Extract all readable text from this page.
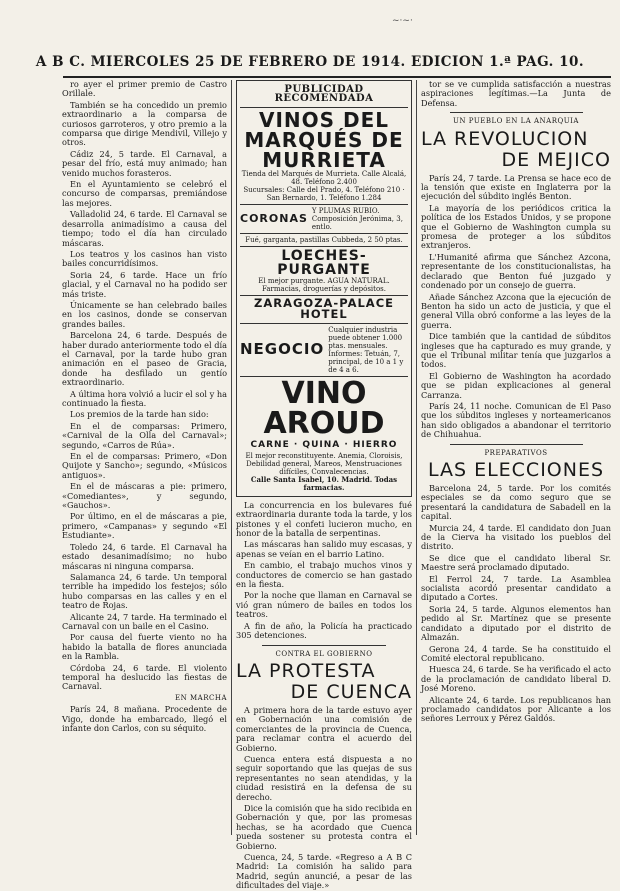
~·~·
A B C. MIERCOLES 25 DE FEBRERO DE 1914. EDICION 1.ª PAG. 10.

ro ayer el primer premio de Castro Orillale.

También se ha concedido un premio extraordinario a la comparsa de curiosos garroteros, y otro premio a la comparsa que dirige Mendivil, Villejo y otros.

Cádiz 24, 5 tarde. El Carnaval, a pesar del frío, está muy animado; han venido muchos forasteros.

En el Ayuntamiento se celebró el concurso de comparsas, premiándose las mejores.

Valladolid 24, 6 tarde. El Carnaval se desarrolla animadísimo a causa del tiempo; todo el día han circulado máscaras.

Los teatros y los casinos han visto bailes concurridísimos.

Soria 24, 6 tarde. Hace un frío glacial, y el Carnaval no ha podido ser más triste.

Únicamente se han celebrado bailes en los casinos, donde se conservan grandes bailes.

Barcelona 24, 6 tarde. Después de haber durado anteriormente todo el día el Carnaval, por la tarde hubo gran animación en el paseo de Gracia, donde ha desfilado un gentío extraordinario.

A última hora volvió a lucir el sol y ha continuado la fiesta.

Los premios de la tarde han sido:

En el de comparsas: Primero, «Carnival de la Olla del Carnaval»; segundo, «Carros de Rúa».

En el de comparsas: Primero, «Don Quijote y Sancho»; segundo, «Músicos antiguos».

En el de máscaras a pie: primero, «Comediantes», y segundo, «Gauchos».

Por último, en el de máscaras a pie, primero, «Campanas» y segundo «El Estudiante».

Toledo 24, 6 tarde. El Carnaval ha estado desanimadísimo; no hubo máscaras ni ninguna comparsa.

Salamanca 24, 6 tarde. Un temporal terrible ha impedido los festejos; sólo hubo comparsas en las calles y en el teatro de Rojas.

Alicante 24, 7 tarde. Ha terminado el Carnaval con un baile en el Casino.

Por causa del fuerte viento no ha habido la batalla de flores anunciada en la Rambla.

Córdoba 24, 6 tarde. El violento temporal ha deslucido las fiestas de Carnaval.

EN MARCHA

París 24, 8 mañana. Procedente de Vigo, donde ha embarcado, llegó el infante don Carlos, con su séquito.

PUBLICIDAD RECOMENDADA
VINOS DEL MARQUÉS DE MURRIETA
Tienda del Marqués de Murrieta. Calle Alcalá, 48. Teléfono 2.400
Sucursales: Calle del Prado, 4. Teléfono 210 · San Bernardo, 1. Teléfono 1.284
CORONAS
Y PLUMAS RUBIO. Composición Jerónima, 3, entlo.
Fué, garganta, pastillas Cubbeda, 2 50 ptas.
LOECHES-PURGANTE
El mejor purgante. AGUA NATURAL. Farmacias, droguerías y depósitos.
ZARAGOZA-PALACE HOTEL
NEGOCIO
Cualquier industria puede obtener 1.000 ptas. mensuales. Informes: Tetuán, 7, principal, de 10 a 1 y de 4 a 6.
VINO AROUD
CARNE · QUINA · HIERRO
El mejor reconstituyente. Anemia, Cloroisis, Debilidad general, Mareos, Menstruaciones difíciles, Convalecencias.
Calle Santa Isabel, 10. Madrid. Todas farmacias.

La concurrencia en los bulevares fué extraordinaria durante toda la tarde, y los pistones y el confeti lucieron mucho, en honor de la batalla de serpentinas.

Las máscaras han salido muy escasas, y apenas se veían en el barrio Latino.

En cambio, el trabajo muchos vinos y conductores de comercio se han gastado en la fiesta.

Por la noche que llaman en Carnaval se vió gran número de bailes en todos los teatros.

A fin de año, la Policía ha practicado 305 detenciones.

CONTRA EL GOBIERNO
LA PROTESTA
DE CUENCA

A primera hora de la tarde estuvo ayer en Gobernación una comisión de comerciantes de la provincia de Cuenca, para reclamar contra el acuerdo del Gobierno.

Cuenca entera está dispuesta a no seguir soportando que las quejas de sus representantes no sean atendidas, y la ciudad resistirá en la defensa de su derecho.

Dice la comisión que ha sido recibida en Gobernación y que, por las promesas hechas, se ha acordado que Cuenca pueda sostener su protesta contra el Gobierno.

Cuenca, 24, 5 tarde. «Regreso a A B C Madrid: La comisión ha salido para Madrid, según anuncié, a pesar de las dificultades del viaje.»

tor se ve cumplida satisfacción a nuestras aspiraciones legítimas.—La Junta de Defensa.

UN PUEBLO EN LA ANARQUIA
LA REVOLUCION
DE MEJICO

París 24, 7 tarde. La Prensa se hace eco de la tensión que existe en Inglaterra por la ejecución del súbdito inglés Benton.

La mayoría de los periódicos critica la política de los Estados Unidos, y se propone que el Gobierno de Washington cumpla su promesa de proteger a los súbditos extranjeros.

L'Humanité afirma que Sánchez Azcona, representante de los constitucionalistas, ha declarado que Benton fué juzgado y condenado por un consejo de guerra.

Añade Sánchez Azcona que la ejecución de Benton ha sido un acto de justicia, y que el general Villa obró conforme a las leyes de la guerra.

Dice también que la cantidad de súbditos ingleses que ha capturado es muy grande, y que el Tribunal militar tenía que juzgarlos a todos.

El Gobierno de Washington ha acordado que se pidan explicaciones al general Carranza.

París 24, 11 noche. Comunican de El Paso que los súbditos ingleses y norteamericanos han sido obligados a abandonar el territorio de Chihuahua.

PREPARATIVOS
LAS ELECCIONES

Barcelona 24, 5 tarde. Por los comités especiales se da como seguro que se presentará la candidatura de Sabadell en la capital.

Murcia 24, 4 tarde. El candidato don Juan de la Cierva ha visitado los pueblos del distrito.

Se dice que el candidato liberal Sr. Maestre será proclamado diputado.

El Ferrol 24, 7 tarde. La Asamblea socialista acordó presentar candidato a diputado a Cortes.

Soria 24, 5 tarde. Algunos elementos han pedido al Sr. Martínez que se presente candidato a diputado por el distrito de Almazán.

Gerona 24, 4 tarde. Se ha constituido el Comité electoral republicano.

Huesca 24, 6 tarde. Se ha verificado el acto de la proclamación de candidato liberal D. José Moreno.

Alicante 24, 6 tarde. Los republicanos han proclamado candidatos por Alicante a los señores Lerroux y Pérez Galdós.
